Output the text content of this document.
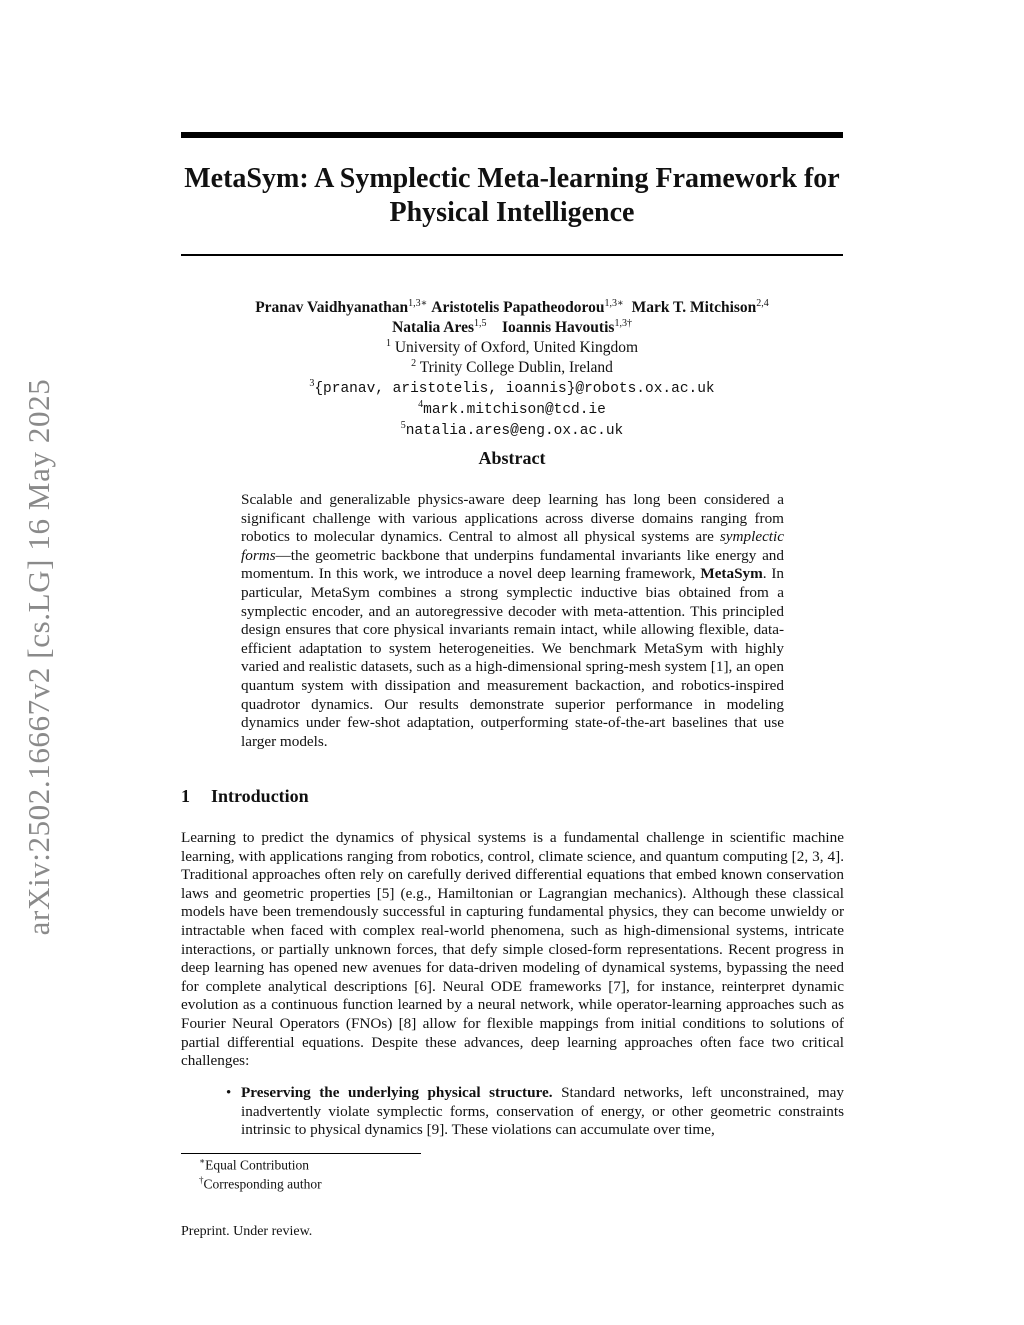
arXiv:2502.16667v2 [cs.LG] 16 May 2025
MetaSym: A Symplectic Meta-learning Framework for Physical Intelligence
Pranav Vaidhyanathan$^{1,3∗}$ Aristotelis Papatheodorou$^{1,3∗}$ Mark T. Mitchison$^{2,4}$
Natalia Ares$^{1,5}$ Ioannis Havoutis$^{1,3\dagger}$
$^1$ University of Oxford, United Kingdom
$^2$ Trinity College Dublin, Ireland
$^3${pranav, aristotelis, ioannis}@robots.ox.ac.uk
$^4$mark.mitchison@tcd.ie
$^5$natalia.ares@eng.ox.ac.uk
Abstract
Scalable and generalizable physics-aware deep learning has long been considered a significant challenge with various applications across diverse domains ranging from robotics to molecular dynamics. Central to almost all physical systems are symplectic forms—the geometric backbone that underpins fundamental invariants like energy and momentum. In this work, we introduce a novel deep learning framework, MetaSym. In particular, MetaSym combines a strong symplectic inductive bias obtained from a symplectic encoder, and an autoregressive decoder with meta-attention. This principled design ensures that core physical invariants remain intact, while allowing flexible, data-efficient adaptation to system heterogeneities. We benchmark MetaSym with highly varied and realistic datasets, such as a high-dimensional spring-mesh system [1], an open quantum system with dissipation and measurement backaction, and robotics-inspired quadrotor dynamics. Our results demonstrate superior performance in modeling dynamics under few-shot adaptation, outperforming state-of-the-art baselines that use larger models.
1 Introduction
Learning to predict the dynamics of physical systems is a fundamental challenge in scientific machine learning, with applications ranging from robotics, control, climate science, and quantum computing [2, 3, 4]. Traditional approaches often rely on carefully derived differential equations that embed known conservation laws and geometric properties [5] (e.g., Hamiltonian or Lagrangian mechanics). Although these classical models have been tremendously successful in capturing fundamental physics, they can become unwieldy or intractable when faced with complex real-world phenomena, such as high-dimensional systems, intricate interactions, or partially unknown forces, that defy simple closed-form representations. Recent progress in deep learning has opened new avenues for data-driven modeling of dynamical systems, bypassing the need for complete analytical descriptions [6]. Neural ODE frameworks [7], for instance, reinterpret dynamic evolution as a continuous function learned by a neural network, while operator-learning approaches such as Fourier Neural Operators (FNOs) [8] allow for flexible mappings from initial conditions to solutions of partial differential equations. Despite these advances, deep learning approaches often face two critical challenges:
• Preserving the underlying physical structure. Standard networks, left unconstrained, may inadvertently violate symplectic forms, conservation of energy, or other geometric constraints intrinsic to physical dynamics [9]. These violations can accumulate over time,
∗Equal Contribution
†Corresponding author
Preprint. Under review.
